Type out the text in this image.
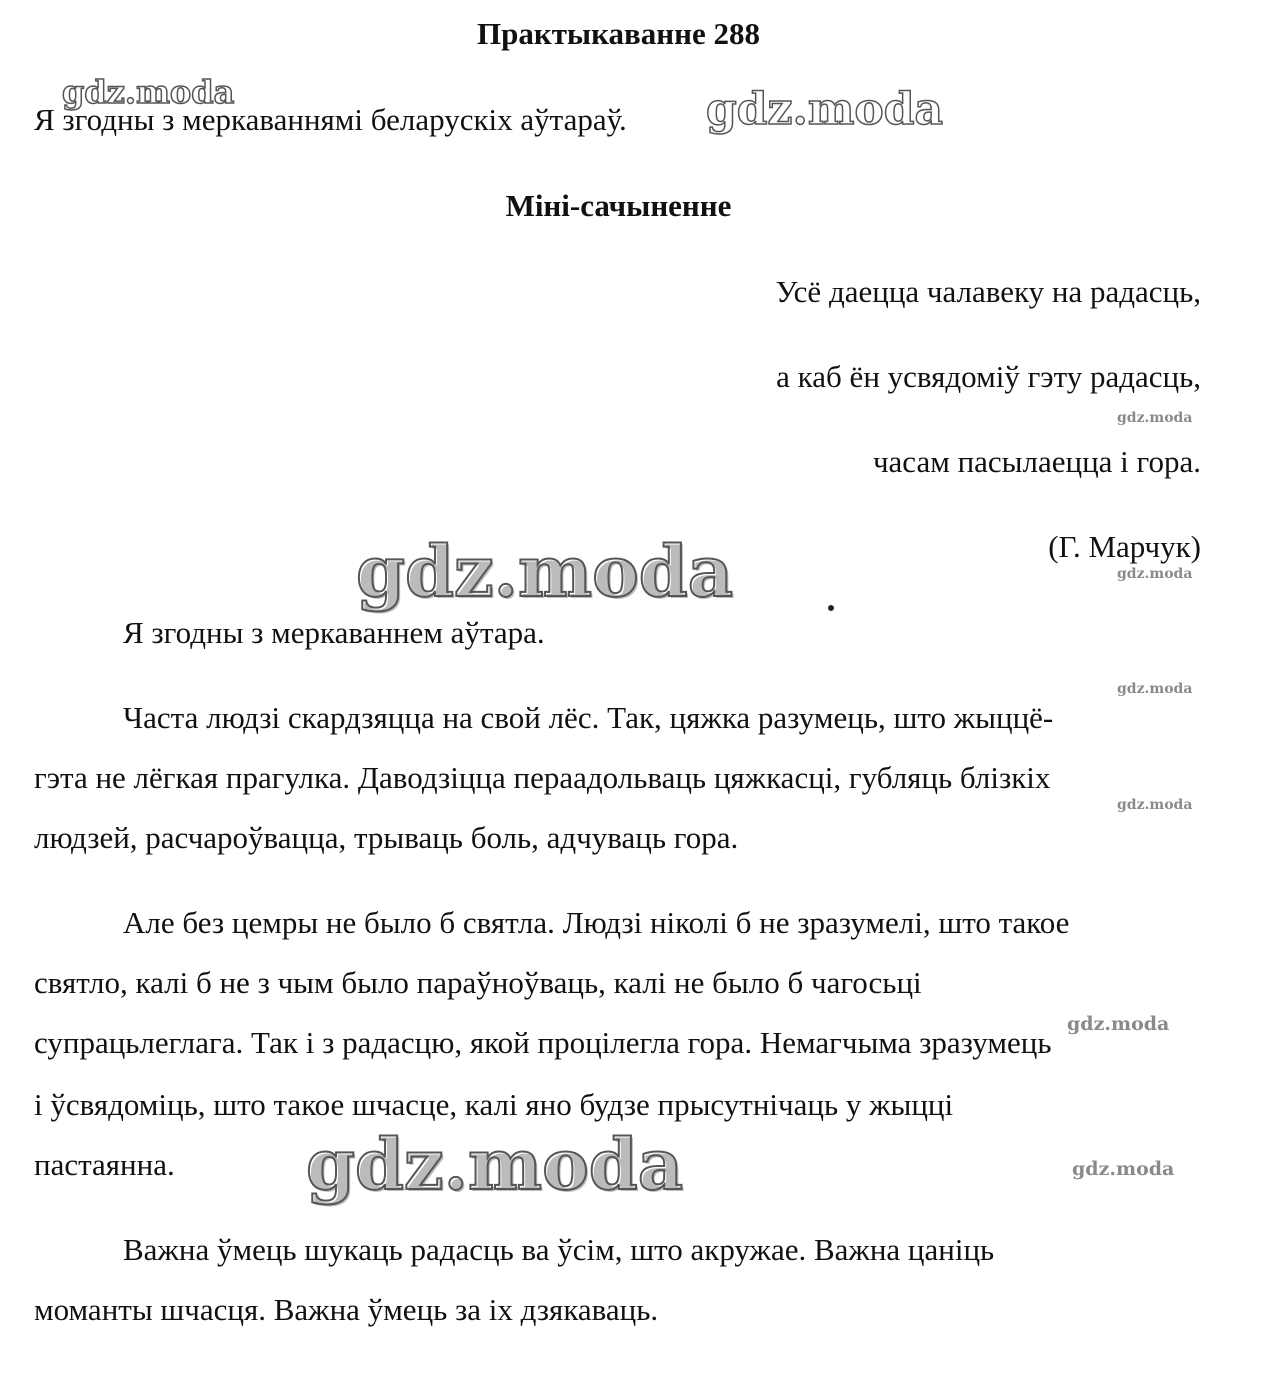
Практыкаванне 288
Я згодны з меркаваннямі беларускіх аўтараў.
Міні-сачыненне
Усё даецца чалавеку на радасць,
а каб ён усвядоміў гэту радасць,
часам пасылаецца і гора.
(Г. Марчук)
Я згодны з меркаваннем аўтара.
Часта людзі скардзяцца на свой лёс. Так, цяжка разумець, што жыццё-
гэта не лёгкая прагулка. Даводзіцца пераадольваць цяжкасці, губляць блізкіх
людзей, расчароўвацца, трываць боль, адчуваць гора.
Але без цемры не было б святла. Людзі ніколі б не зразумелі, што такое
святло, калі б не з чым было параўноўваць, калі не было б чагосьці
супрацьлеглага. Так і з радасцю, якой процілегла гора. Немагчыма зразумець
і ўсвядоміць, што такое шчасце, калі яно будзе прысутнічаць у жыцці
пастаянна.
Важна ўмець шукаць радасць ва ўсім, што акружае. Важна цаніць
моманты шчасця. Важна ўмець за іх дзякаваць.
gdz.moda	gdz.moda
gdz.moda
gdz.moda
gdz.moda
gdz.moda
gdz.moda
gdz.moda
gdz.moda	gdz.moda
